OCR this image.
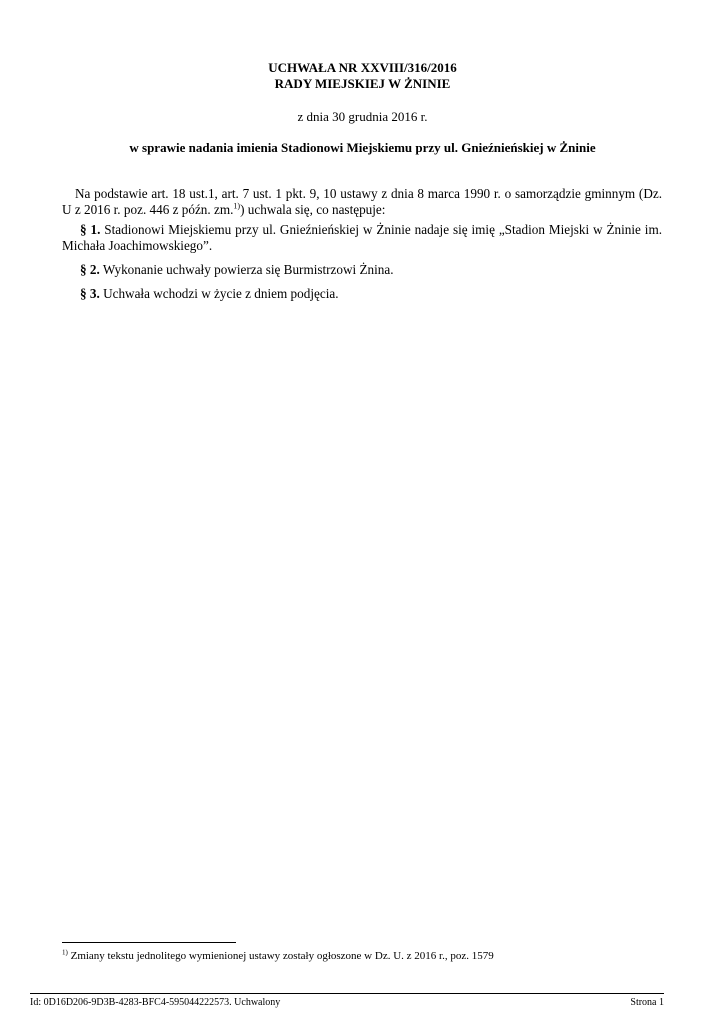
UCHWAŁA NR XXVIII/316/2016
RADY MIEJSKIEJ W ŻNINIE
z dnia 30 grudnia 2016 r.
w sprawie nadania imienia Stadionowi Miejskiemu przy ul. Gnieźnieńskiej w Żninie
Na podstawie art. 18 ust.1, art. 7 ust. 1 pkt. 9, 10 ustawy z dnia 8 marca 1990 r. o samorządzie gminnym (Dz. U z 2016 r. poz. 446 z późn. zm.$^{1)}$) uchwala się, co następuje:
§ 1. Stadionowi Miejskiemu przy ul. Gnieźnieńskiej w Żninie nadaje się imię „Stadion Miejski w Żninie im. Michała Joachimowskiego”.
§ 2. Wykonanie uchwały powierza się Burmistrzowi Żnina.
§ 3. Uchwała wchodzi w życie z dniem podjęcia.
$^{1)}$ Zmiany tekstu jednolitego wymienionej ustawy zostały ogłoszone w Dz. U. z 2016 r., poz. 1579
Id: 0D16D206-9D3B-4283-BFC4-595044222573. Uchwalony	Strona 1
